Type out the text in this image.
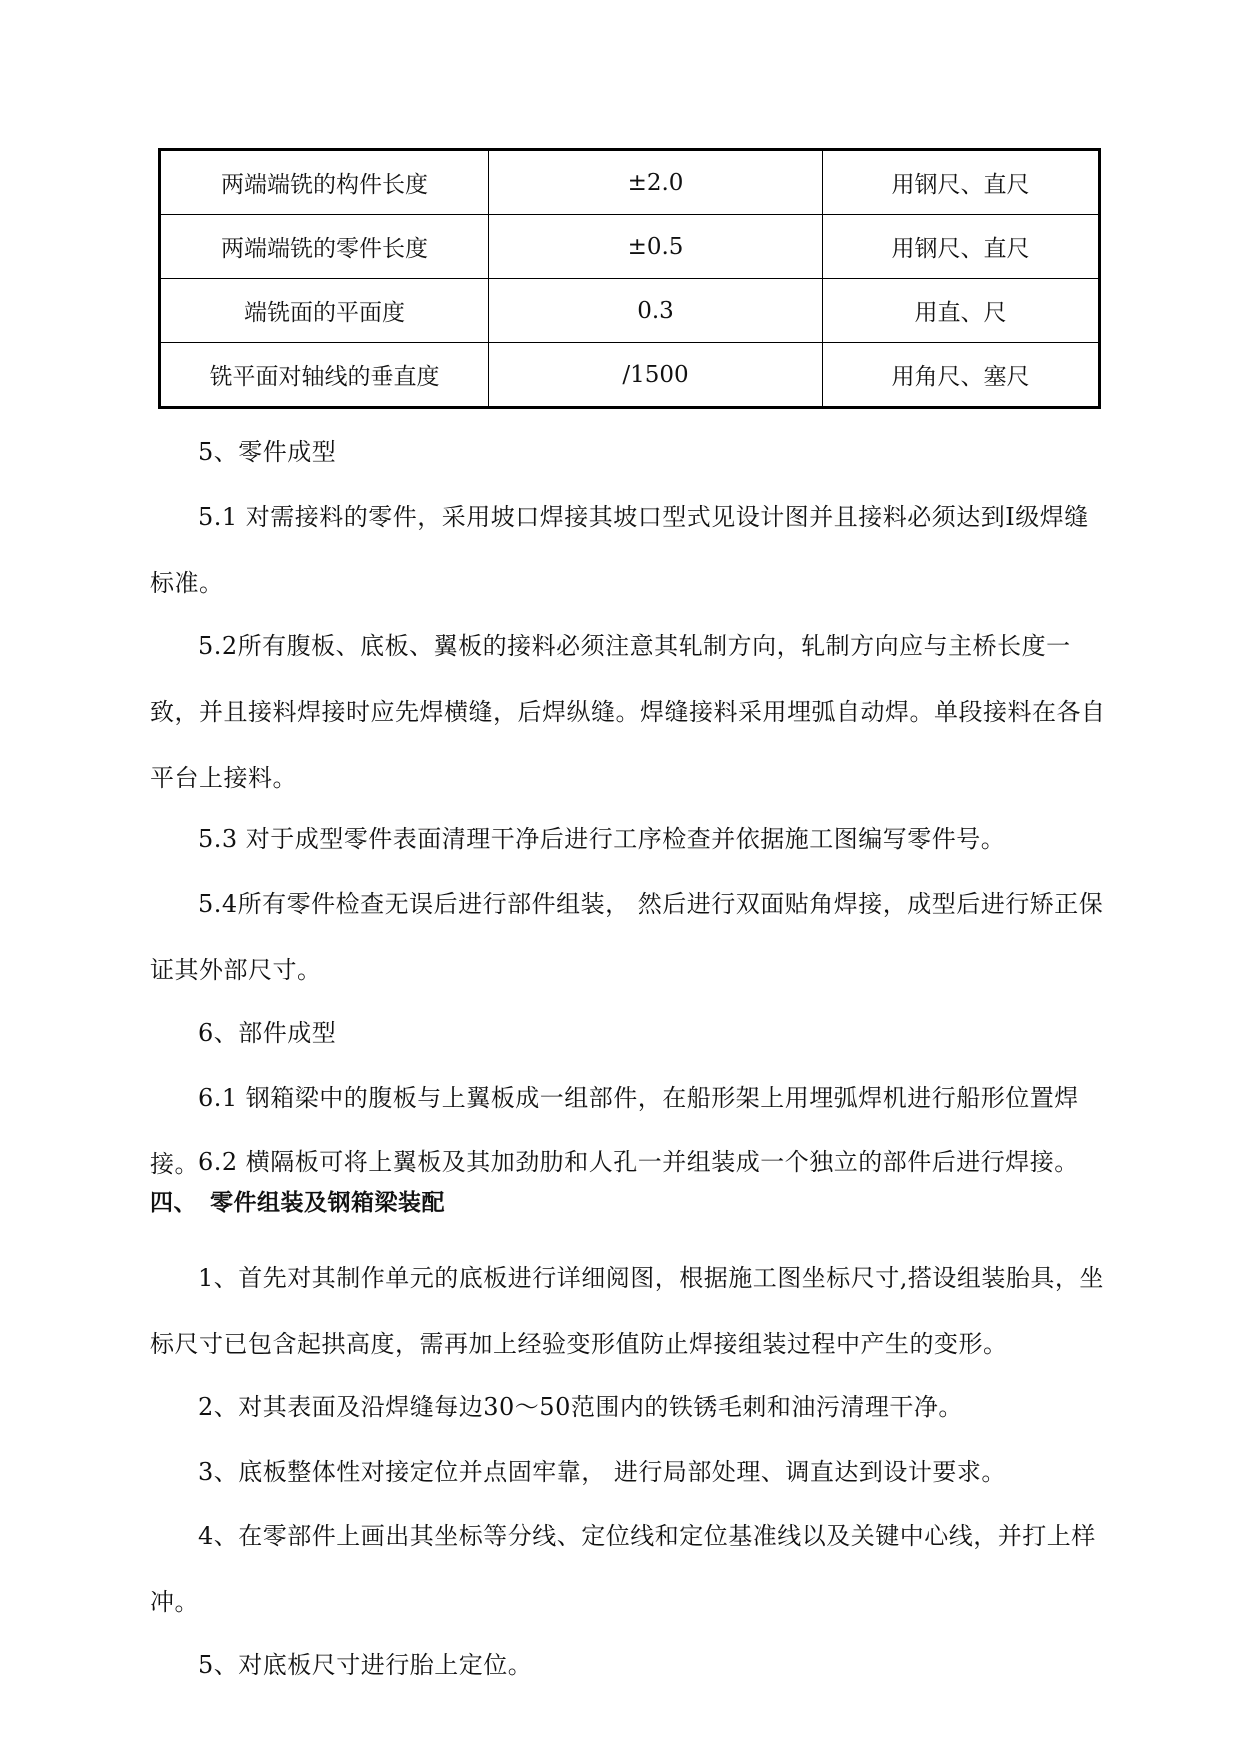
两端端铣的构件长度	±2.0	用钢尺、直尺
两端端铣的零件长度	±0.5	用钢尺、直尺
端铣面的平面度	0.3	用直、尺
铣平面对轴线的垂直度	/1500	用角尺、塞尺

5、零件成型

5.1 对需接料的零件，采用坡口焊接其坡口型式见设计图并且接料必须达到Ⅰ级焊缝标准。

5.2所有腹板、底板、翼板的接料必须注意其轧制方向，轧制方向应与主桥长度一致，并且接料焊接时应先焊横缝，后焊纵缝。焊缝接料采用埋弧自动焊。单段接料在各自平台上接料。

5.3 对于成型零件表面清理干净后进行工序检查并依据施工图编写零件号。

5.4所有零件检查无误后进行部件组装， 然后进行双面贴角焊接，成型后进行矫正保证其外部尺寸。

6、部件成型

6.1 钢箱梁中的腹板与上翼板成一组部件，在船形架上用埋弧焊机进行船形位置焊接。 6.2 横隔板可将上翼板及其加劲肋和人孔一并组装成一个独立的部件后进行焊接。

四、 零件组装及钢箱梁装配

1、首先对其制作单元的底板进行详细阅图，根据施工图坐标尺寸,搭设组装胎具，坐标尺寸已包含起拱高度，需再加上经验变形值防止焊接组装过程中产生的变形。

2、对其表面及沿焊缝每边30～50范围内的铁锈毛刺和油污清理干净。

3、底板整体性对接定位并点固牢靠， 进行局部处理、调直达到设计要求。

4、在零部件上画出其坐标等分线、定位线和定位基准线以及关键中心线，并打上样冲。

5、对底板尺寸进行胎上定位。
